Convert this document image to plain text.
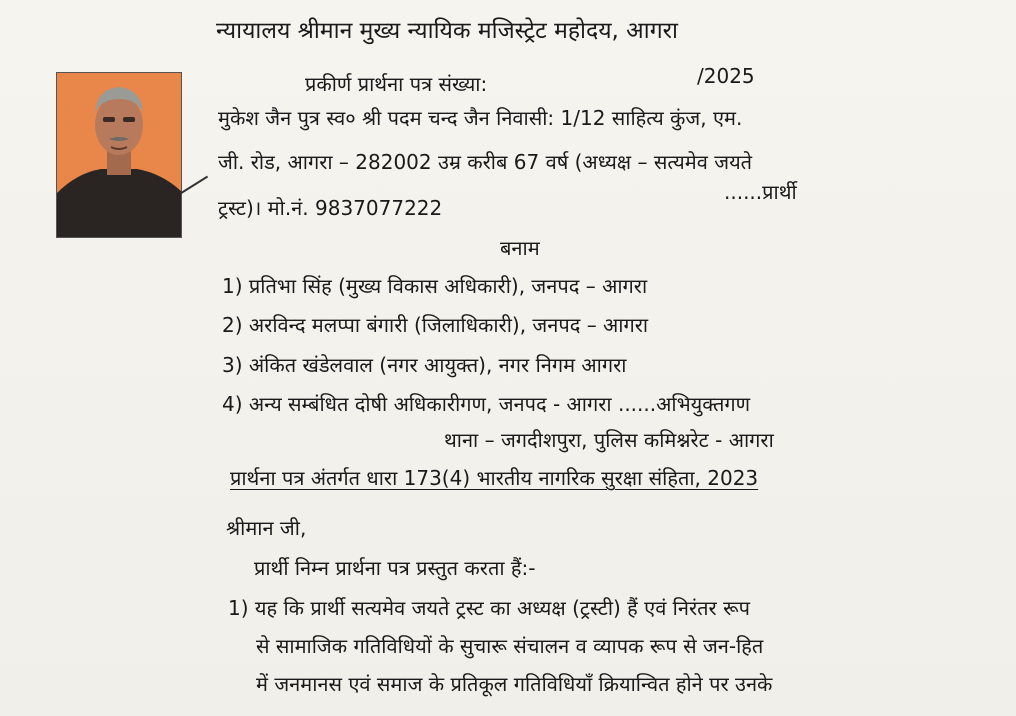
न्यायालय श्रीमान मुख्य न्यायिक मजिस्ट्रेट महोदय, आगरा
प्रकीर्ण प्रार्थना पत्र संख्या:	/2025
मुकेश जैन पुत्र स्व० श्री पदम चन्द जैन निवासी: 1/12 साहित्य कुंज, एम.
जी. रोड, आगरा – 282002 उम्र करीब 67 वर्ष (अध्यक्ष – सत्यमेव जयते
ट्रस्ट)। मो.नं. 9837077222
......प्रार्थी
बनाम
1) प्रतिभा सिंह (मुख्य विकास अधिकारी), जनपद – आगरा
2) अरविन्द मलप्पा बंगारी (जिलाधिकारी), जनपद – आगरा
3) अंकित खंडेलवाल (नगर आयुक्त), नगर निगम आगरा
4) अन्य सम्बंधित दोषी अधिकारीगण, जनपद - आगरा ......अभियुक्तगण
थाना – जगदीशपुरा, पुलिस कमिश्नरेट - आगरा
प्रार्थना पत्र अंतर्गत धारा 173(4) भारतीय नागरिक सुरक्षा संहिता, 2023
श्रीमान जी,
प्रार्थी निम्न प्रार्थना पत्र प्रस्तुत करता हैं:-
1) यह कि प्रार्थी सत्यमेव जयते ट्रस्ट का अध्यक्ष (ट्रस्टी) हैं एवं निरंतर रूप
से सामाजिक गतिविधियों के सुचारू संचालन व व्यापक रूप से जन-हित
में जनमानस एवं समाज के प्रतिकूल गतिविधियाँ क्रियान्वित होने पर उनके
